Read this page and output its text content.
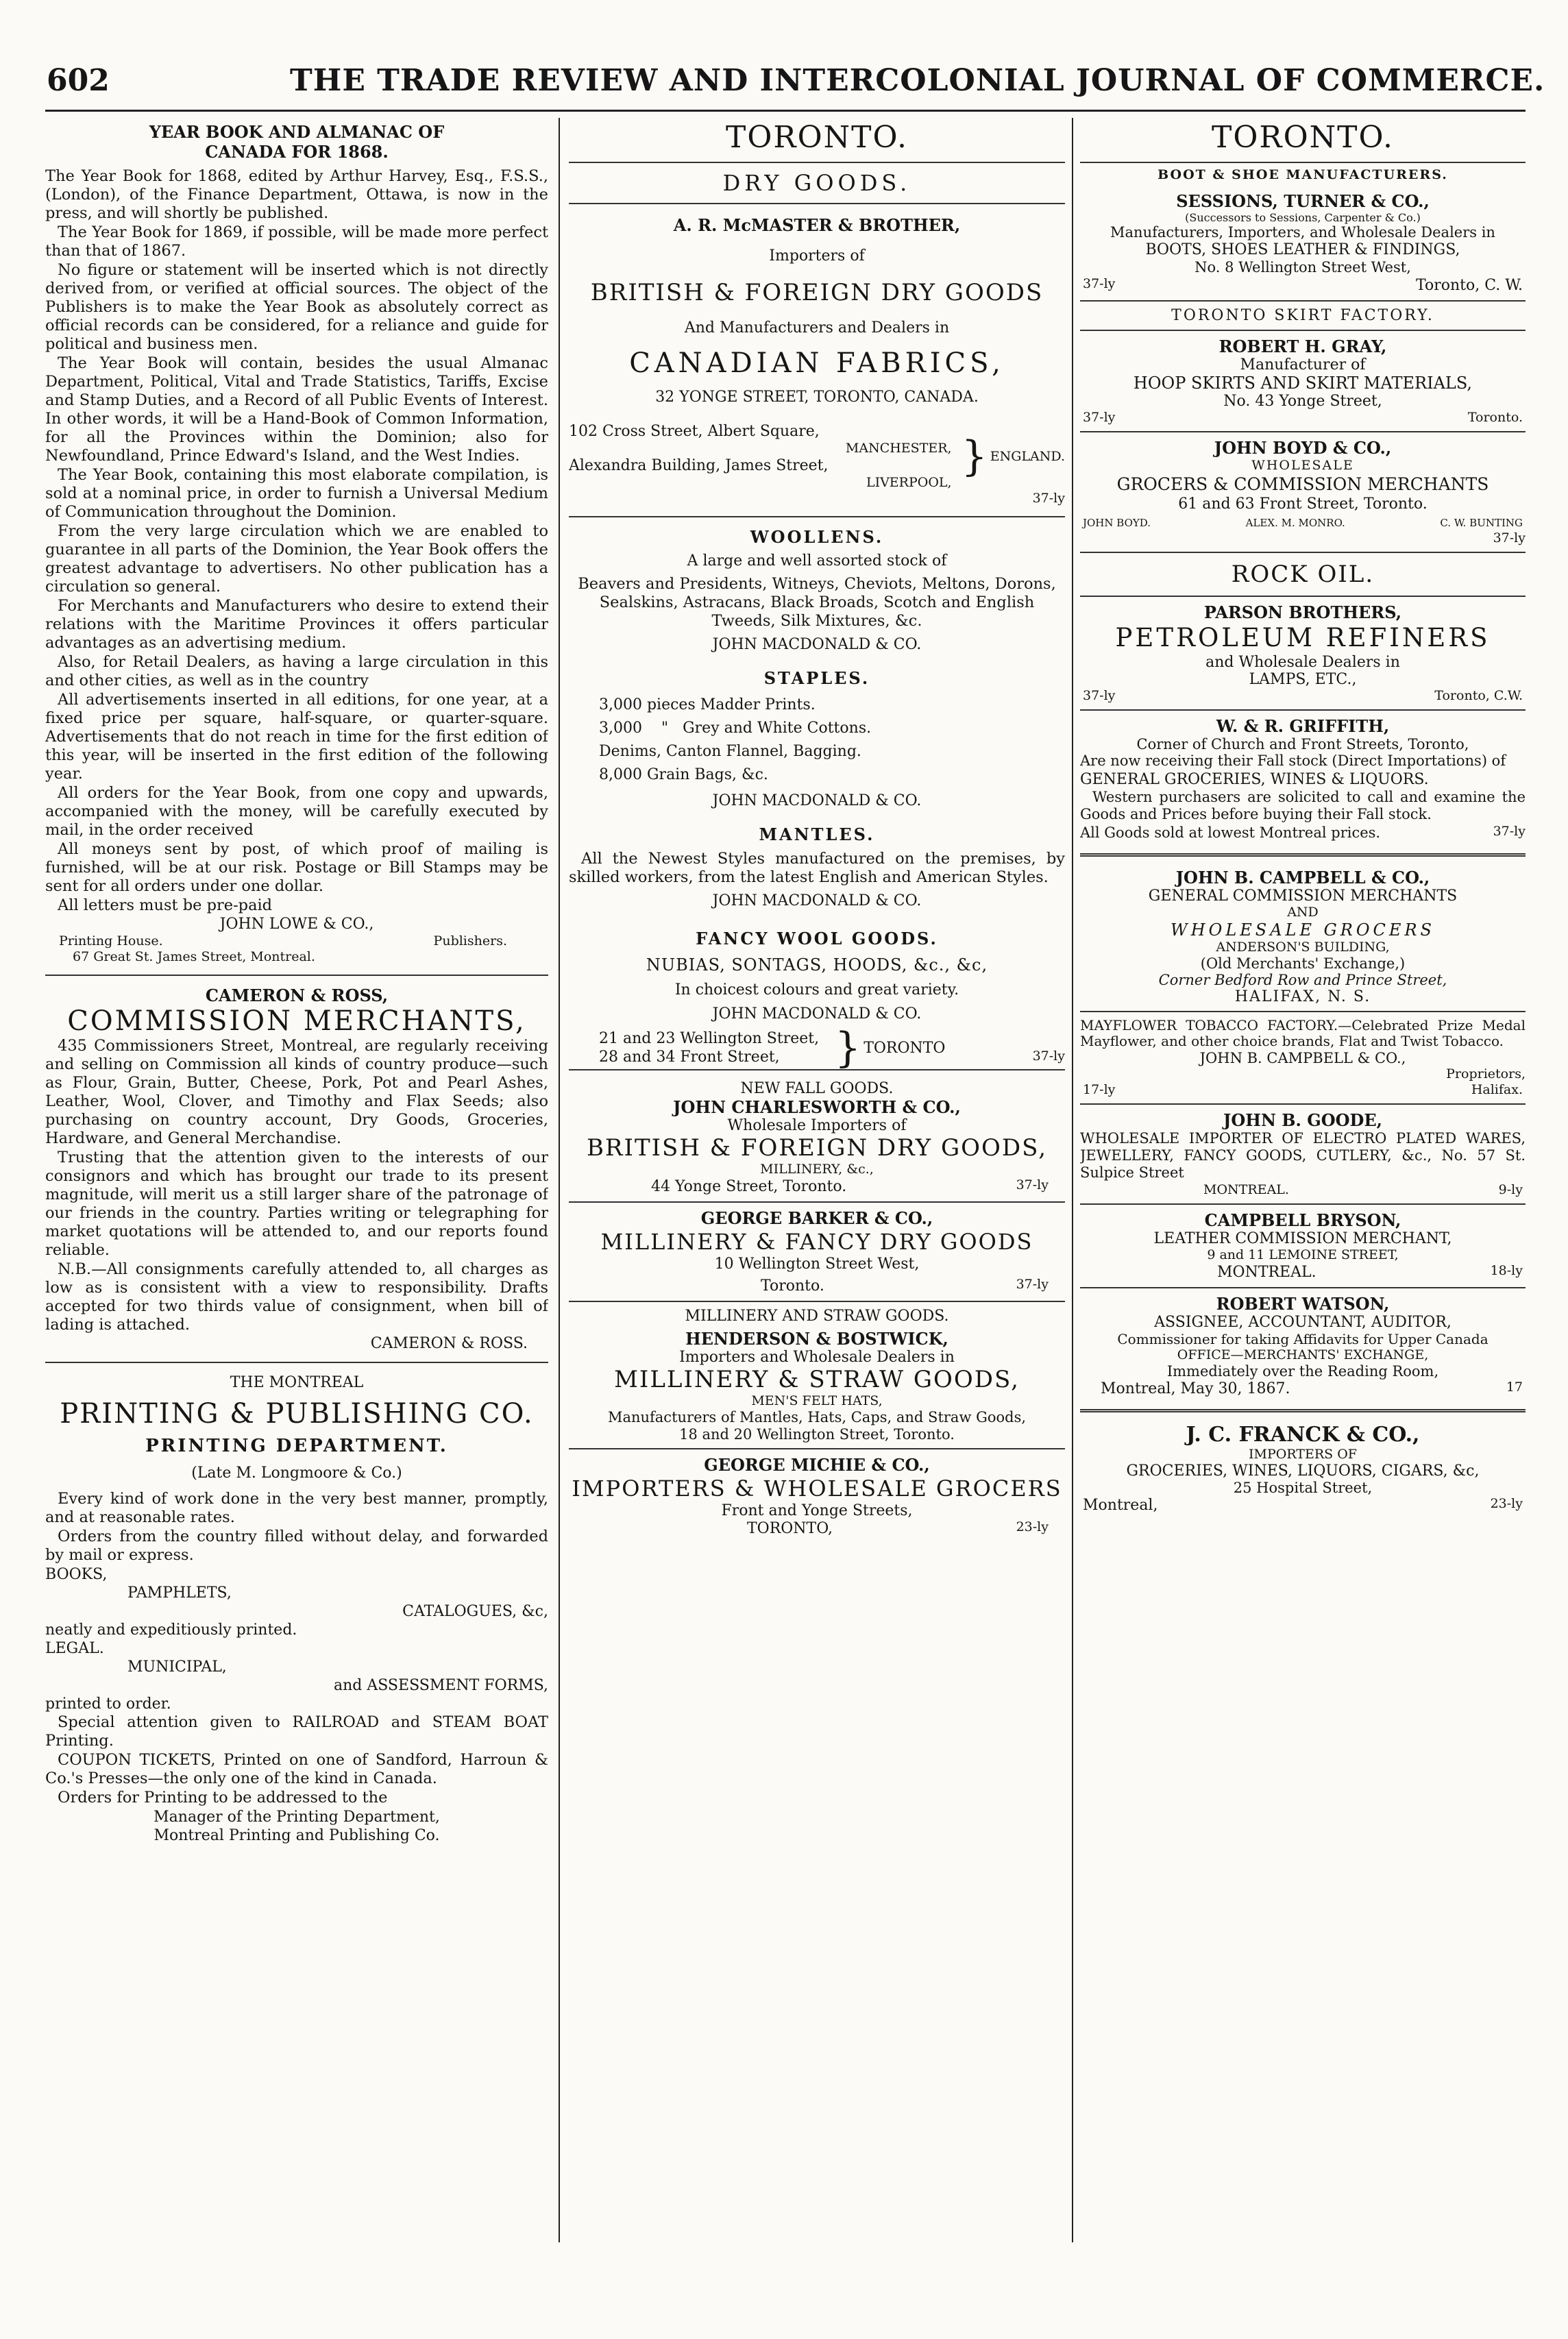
602	THE TRADE REVIEW AND INTERCOLONIAL JOURNAL OF COMMERCE.
YEAR BOOK AND ALMANAC OF CANADA FOR 1868.

The Year Book for 1868, edited by Arthur Harvey, Esq., F.S.S., (London), of the Finance Department, Ottawa, is now in the press, and will shortly be published.

The Year Book for 1869, if possible, will be made more perfect than that of 1867.

No figure or statement will be inserted which is not directly derived from, or verified at official sources. The object of the Publishers is to make the Year Book as absolutely correct as official records can be considered, for a reliance and guide for political and business men.

The Year Book will contain, besides the usual Almanac Department, Political, Vital and Trade Statistics, Tariffs, Excise and Stamp Duties, and a Record of all Public Events of Interest. In other words, it will be a Hand-Book of Common Information, for all the Provinces within the Dominion; also for Newfoundland, Prince Edward's Island, and the West Indies.

The Year Book, containing this most elaborate compilation, is sold at a nominal price, in order to furnish a Universal Medium of Communication throughout the Dominion.

From the very large circulation which we are enabled to guarantee in all parts of the Dominion, the Year Book offers the greatest advantage to advertisers. No other publication has a circulation so general.

For Merchants and Manufacturers who desire to extend their relations with the Maritime Provinces it offers particular advantages as an advertising medium.

Also, for Retail Dealers, as having a large circulation in this and other cities, as well as in the country

All advertisements inserted in all editions, for one year, at a fixed price per square, half-square, or quarter-square. Advertisements that do not reach in time for the first edition of this year, will be inserted in the first edition of the following year.

All orders for the Year Book, from one copy and upwards, accompanied with the money, will be carefully executed by mail, in the order received

All moneys sent by post, of which proof of mailing is furnished, will be at our risk. Postage or Bill Stamps may be sent for all orders under one dollar.

All letters must be pre-paid

JOHN LOWE & CO.,
Printing House.	Publishers.
67 Great St. James Street, Montreal.
CAMERON & ROSS,
COMMISSION MERCHANTS,

435 Commissioners Street, Montreal, are regularly receiving and selling on Commission all kinds of country produce—such as Flour, Grain, Butter, Cheese, Pork, Pot and Pearl Ashes, Leather, Wool, Clover, and Timothy and Flax Seeds; also purchasing on country account, Dry Goods, Groceries, Hardware, and General Merchandise.

Trusting that the attention given to the interests of our consignors and which has brought our trade to its present magnitude, will merit us a still larger share of the patronage of our friends in the country. Parties writing or telegraphing for market quotations will be attended to, and our reports found reliable.

N.B.—All consignments carefully attended to, all charges as low as is consistent with a view to responsibility. Drafts accepted for two thirds value of consignment, when bill of lading is attached.

CAMERON & ROSS.
THE MONTREAL
PRINTING & PUBLISHING CO.
PRINTING DEPARTMENT.
(Late M. Longmoore & Co.)

Every kind of work done in the very best manner, promptly, and at reasonable rates.

Orders from the country filled without delay, and forwarded by mail or express.

BOOKS,
PAMPHLETS,
CATALOGUES, &c,
neatly and expeditiously printed.
LEGAL.
MUNICIPAL,
and ASSESSMENT FORMS,
printed to order.

Special attention given to RAILROAD and STEAM BOAT Printing.

COUPON TICKETS, Printed on one of Sandford, Harroun & Co.'s Presses—the only one of the kind in Canada.

Orders for Printing to be addressed to the

Manager of the Printing Department,
Montreal Printing and Publishing Co.
TORONTO.
DRY GOODS.
A. R. McMASTER & BROTHER,
Importers of
BRITISH & FOREIGN DRY GOODS
And Manufacturers and Dealers in
CANADIAN FABRICS,
32 YONGE STREET, TORONTO, CANADA.
102 Cross Street, Albert Square,
MANCHESTER,
Alexandra Building, James Street,
LIVERPOOL,
} ENGLAND.
37-ly
WOOLLENS.
A large and well assorted stock of

Beavers and Presidents, Witneys, Cheviots, Meltons, Dorons, Sealskins, Astracans, Black Broads, Scotch and English Tweeds, Silk Mixtures, &c.

JOHN MACDONALD & CO.
STAPLES.
3,000 pieces Madder Prints.
3,000 " Grey and White Cottons.
Denims, Canton Flannel, Bagging.
8,000 Grain Bags, &c.
JOHN MACDONALD & CO.
MANTLES.

All the Newest Styles manufactured on the premises, by skilled workers, from the latest English and American Styles.

JOHN MACDONALD & CO.
FANCY WOOL GOODS.
NUBIAS, SONTAGS, HOODS, &c., &c,
In choicest colours and great variety.
JOHN MACDONALD & CO.
21 and 23 Wellington Street,
28 and 34 Front Street,	} TORONTO	37-ly
NEW FALL GOODS.
JOHN CHARLESWORTH & CO.,
Wholesale Importers of
BRITISH & FOREIGN DRY GOODS,
MILLINERY, &c.,
44 Yonge Street, Toronto.	37-ly
GEORGE BARKER & CO.,
MILLINERY & FANCY DRY GOODS
10 Wellington Street West,
Toronto.	37-ly
MILLINERY AND STRAW GOODS.
HENDERSON & BOSTWICK,
Importers and Wholesale Dealers in
MILLINERY & STRAW GOODS,
MEN'S FELT HATS,
Manufacturers of Mantles, Hats, Caps, and Straw Goods,
18 and 20 Wellington Street, Toronto.
GEORGE MICHIE & CO.,
IMPORTERS & WHOLESALE GROCERS
Front and Yonge Streets,
TORONTO,	23-ly
TORONTO.
BOOT & SHOE MANUFACTURERS.
SESSIONS, TURNER & CO.,
(Successors to Sessions, Carpenter & Co.)
Manufacturers, Importers, and Wholesale Dealers in
BOOTS, SHOES LEATHER & FINDINGS,
No. 8 Wellington Street West,
37-ly	Toronto, C. W.
TORONTO SKIRT FACTORY.
ROBERT H. GRAY,
Manufacturer of
HOOP SKIRTS AND SKIRT MATERIALS,
No. 43 Yonge Street,
37-ly	Toronto.
JOHN BOYD & CO.,
WHOLESALE
GROCERS & COMMISSION MERCHANTS
61 and 63 Front Street, Toronto.
JOHN BOYD.	ALEX. M. MONRO.	C. W. BUNTING
37-ly
ROCK OIL.
PARSON BROTHERS,
PETROLEUM REFINERS
and Wholesale Dealers in
LAMPS, ETC.,
37-ly	Toronto, C.W.
W. & R. GRIFFITH,
Corner of Church and Front Streets, Toronto,

Are now receiving their Fall stock (Direct Importations) of

GENERAL GROCERIES, WINES & LIQUORS.

Western purchasers are solicited to call and examine the Goods and Prices before buying their Fall stock.

All Goods sold at lowest Montreal prices.	37-ly
JOHN B. CAMPBELL & CO.,
GENERAL COMMISSION MERCHANTS
AND
WHOLESALE GROCERS
ANDERSON'S BUILDING,
(Old Merchants' Exchange,)
Corner Bedford Row and Prince Street,
HALIFAX, N. S.

MAYFLOWER TOBACCO FACTORY.—Celebrated Prize Medal Mayflower, and other choice brands, Flat and Twist Tobacco.

JOHN B. CAMPBELL & CO.,
Proprietors,
17-ly	Halifax.
JOHN B. GOODE,

WHOLESALE IMPORTER OF ELECTRO PLATED WARES, JEWELLERY, FANCY GOODS, CUTLERY, &c., No. 57 St. Sulpice Street

MONTREAL.	9-ly
CAMPBELL BRYSON,
LEATHER COMMISSION MERCHANT,
9 and 11 LEMOINE STREET,
MONTREAL.	18-ly
ROBERT WATSON,
ASSIGNEE, ACCOUNTANT, AUDITOR,
Commissioner for taking Affidavits for Upper Canada
OFFICE—MERCHANTS' EXCHANGE,
Immediately over the Reading Room,
Montreal, May 30, 1867.	17
J. C. FRANCK & CO.,
IMPORTERS OF
GROCERIES, WINES, LIQUORS, CIGARS, &c,
25 Hospital Street,
Montreal,	23-ly
